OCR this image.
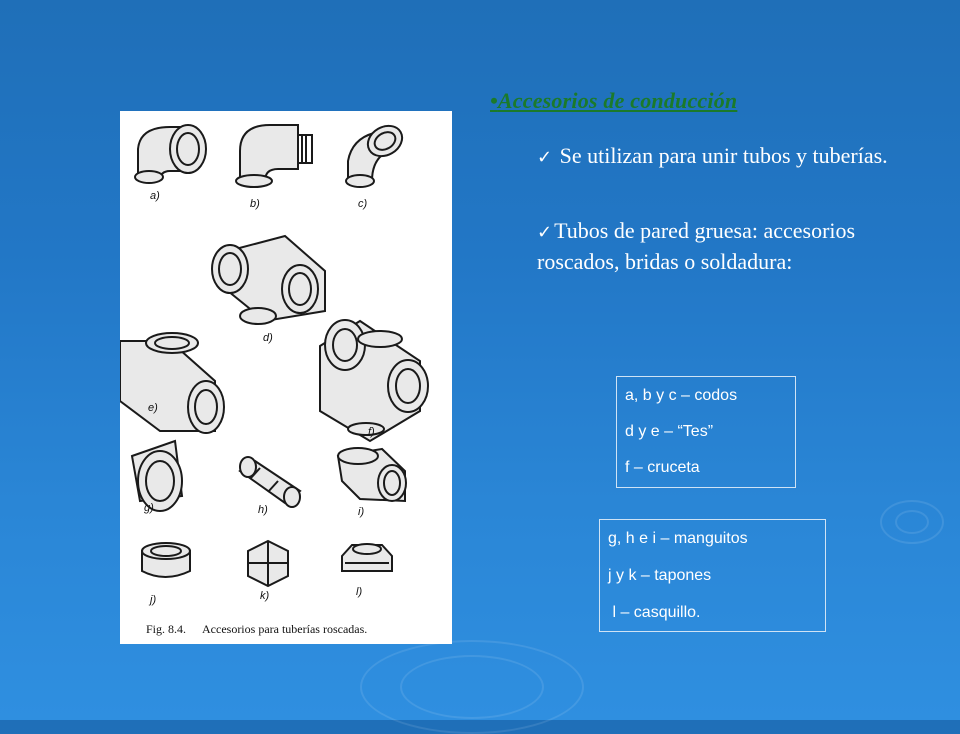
a)
b)	c)
d)
e)
f)
g)	h)	i)
j)	k)	l)
Fig. 8.4. Accesorios para tuberías roscadas.
•Accesorios de conducción
✓ Se utilizan para unir tubos y tuberías.
✓Tubos de pared gruesa: accesorios roscados, bridas o soldadura:
a, b y c – codos
d y e – “Tes”
f – cruceta
g, h e i – manguitos
j y k – tapones
l – casquillo.
